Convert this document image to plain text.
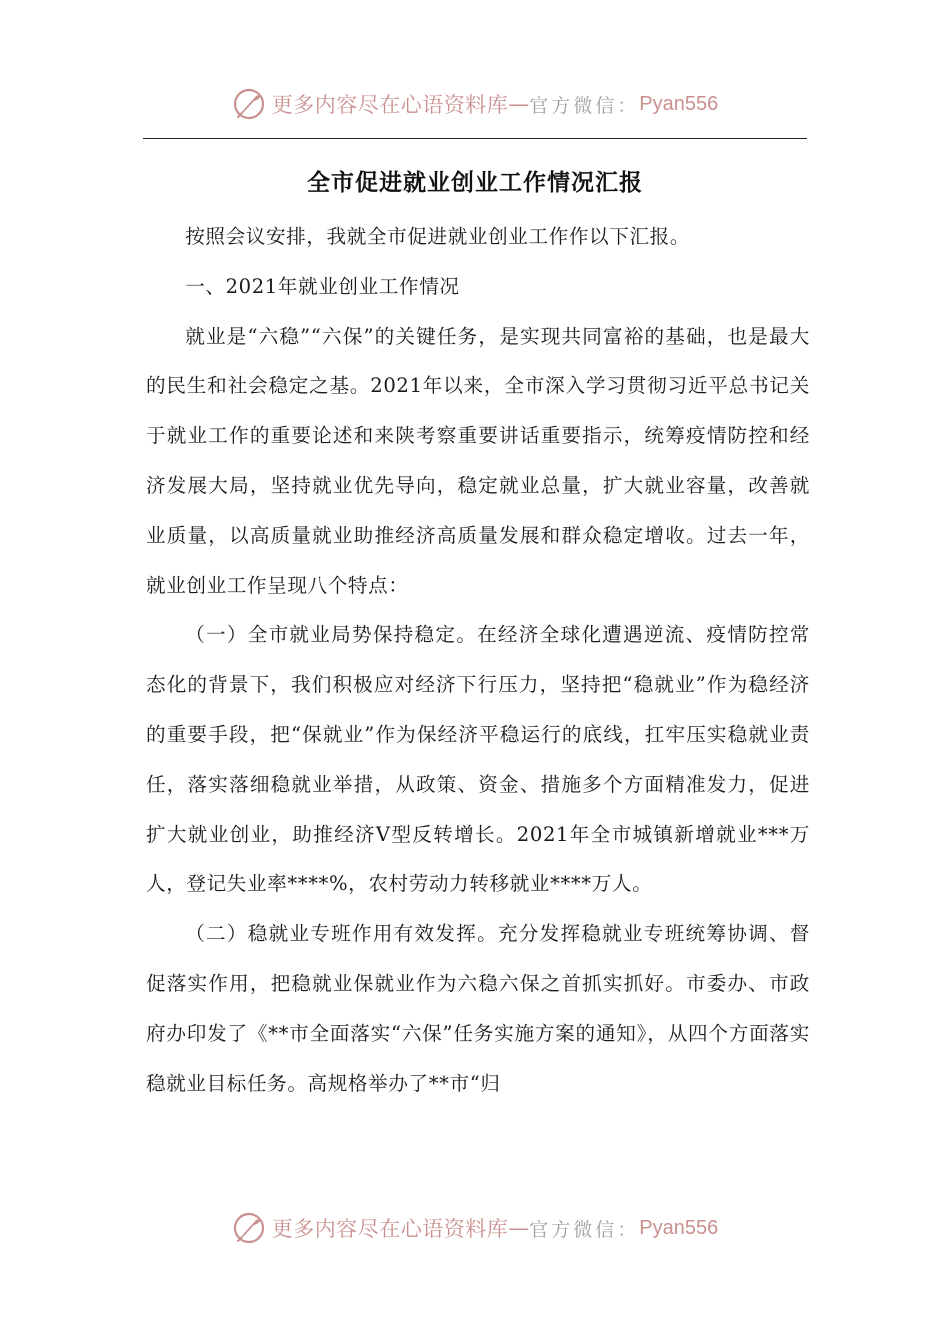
更多内容尽在心语资料库 — 官方微信： Pyan556
全市促进就业创业工作情况汇报

按照会议安排，我就全市促进就业创业工作作以下汇报。

一、2021年就业创业工作情况

就业是“六稳”“六保”的关键任务，是实现共同富裕的基础，也是最大的民生和社会稳定之基。2021年以来，全市深入学习贯彻习近平总书记关于就业工作的重要论述和来陕考察重要讲话重要指示，统筹疫情防控和经济发展大局，坚持就业优先导向，稳定就业总量，扩大就业容量，改善就业质量，以高质量就业助推经济高质量发展和群众稳定增收。过去一年，就业创业工作呈现八个特点：

（一）全市就业局势保持稳定。在经济全球化遭遇逆流、疫情防控常态化的背景下，我们积极应对经济下行压力，坚持把“稳就业”作为稳经济的重要手段，把“保就业”作为保经济平稳运行的底线，扛牢压实稳就业责任，落实落细稳就业举措，从政策、资金、措施多个方面精准发力，促进扩大就业创业，助推经济V型反转增长。2021年全市城镇新增就业***万人，登记失业率****%，农村劳动力转移就业****万人。

（二）稳就业专班作用有效发挥。充分发挥稳就业专班统筹协调、督促落实作用，把稳就业保就业作为六稳六保之首抓实抓好。市委办、市政府办印发了《**市全面落实“六保”任务实施方案的通知》，从四个方面落实稳就业目标任务。高规格举办了**市“归

更多内容尽在心语资料库 — 官方微信： Pyan556
